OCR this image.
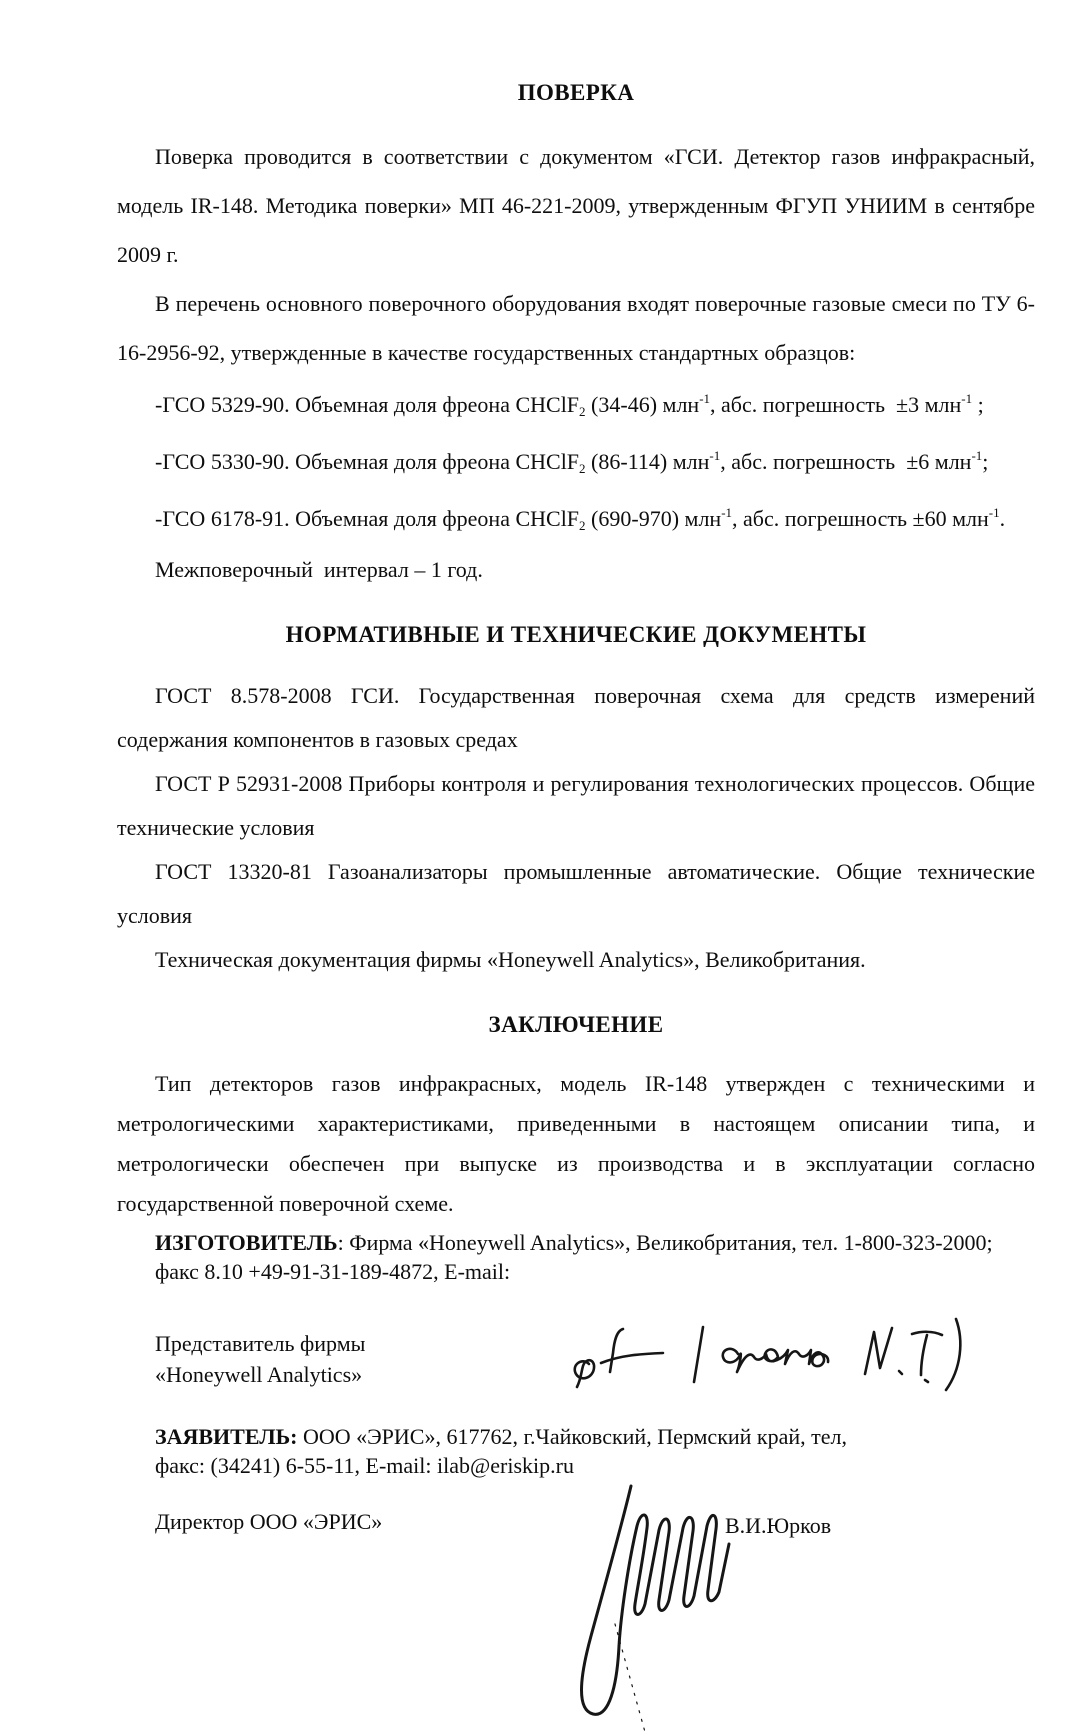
ПОВЕРКА

Поверка проводится в соответствии с документом «ГСИ. Детектор газов инфракрасный, модель IR-148. Методика поверки» МП 46-221-2009, утвержденным ФГУП УНИИМ в сентябре 2009 г.

В перечень основного поверочного оборудования входят поверочные газовые смеси по ТУ 6-16-2956-92, утвержденные в качестве государственных стандартных образцов:

-ГСО 5329-90. Объемная доля фреона CHClF$_2$ (34-46) млн$^{-1}$, абс. погрешность  ±3 млн$^{-1}$ ;
-ГСО 5330-90. Объемная доля фреона CHClF$_2$ (86-114) млн$^{-1}$, абс. погрешность  ±6 млн$^{-1}$;
-ГСО 6178-91. Объемная доля фреона CHClF$_2$ (690-970) млн$^{-1}$, абс. погрешность ±60 млн$^{-1}$.
Межповерочный  интервал – 1 год.
НОРМАТИВНЫЕ И ТЕХНИЧЕСКИЕ ДОКУМЕНТЫ

ГОСТ 8.578-2008 ГСИ. Государственная поверочная схема для средств измерений содержания компонентов в газовых средах

ГОСТ Р 52931-2008 Приборы контроля и регулирования технологических процессов. Общие технические условия

ГОСТ 13320-81 Газоанализаторы промышленные автоматические. Общие технические условия

Техническая документация фирмы «Honeywell Analytics», Великобритания.

ЗАКЛЮЧЕНИЕ

Тип детекторов газов инфракрасных, модель IR-148 утвержден с техническими и метрологическими характеристиками, приведенными в настоящем описании типа, и метрологически обеспечен при выпуске из производства и в эксплуатации согласно государственной поверочной схеме.

ИЗГОТОВИТЕЛЬ: Фирма «Honeywell Analytics», Великобритания, тел. 1-800-323-2000;
факс 8.10 +49-91-31-189-4872, E-mail:
Представитель фирмы
«Honeywell Analytics»
ЗАЯВИТЕЛЬ: ООО «ЭРИС», 617762, г.Чайковский, Пермский край, тел,
факс: (34241) 6-55-11, E-mail: ilab@eriskip.ru
Директор ООО «ЭРИС»	В.И.Юрков
